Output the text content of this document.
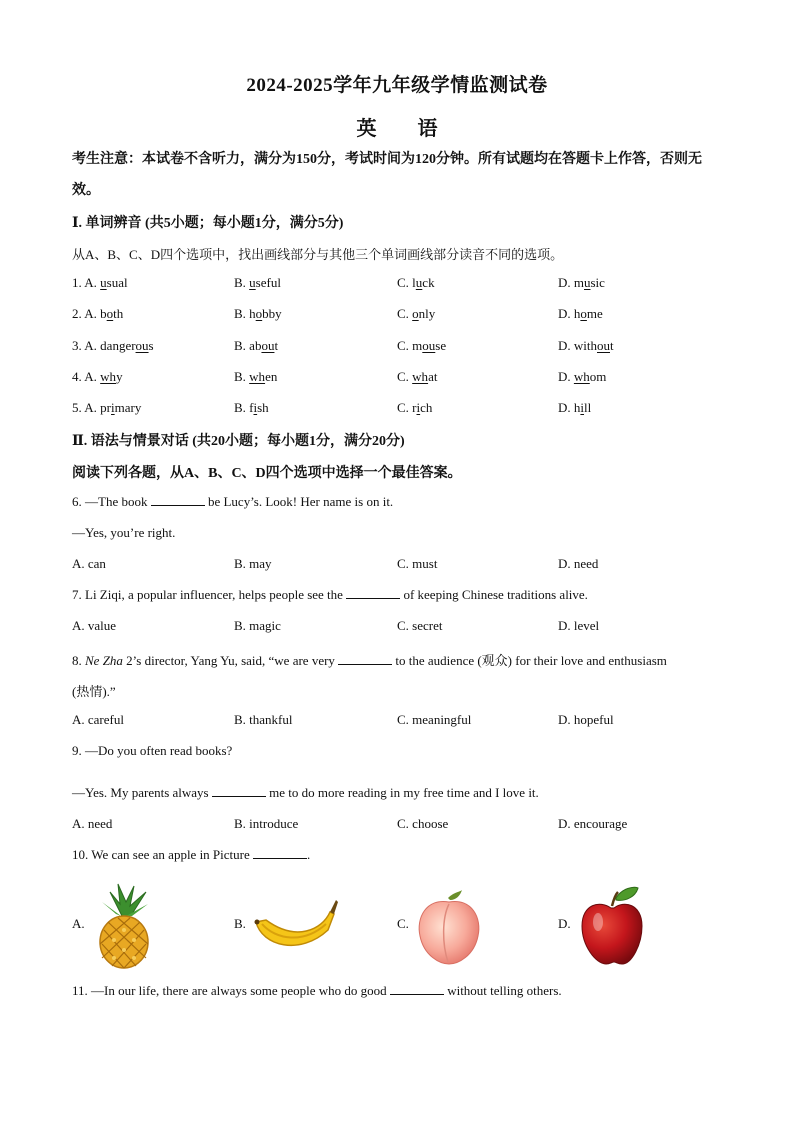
2024-2025学年九年级学情监测试卷
英 语
考生注意：本试卷不含听力，满分为150分，考试时间为120分钟。所有试题均在答题卡上作答，否则无效。
Ⅰ. 单词辨音 (共5小题；每小题1分，满分5分)
从A、B、C、D四个选项中，找出画线部分与其他三个单词画线部分读音不同的选项。
1. A. usual	B. useful	C. luck	D. music
2. A. both	B. hobby	C. only	D. home
3. A. dangerous	B. about	C. mouse	D. without
4. A. why	B. when	C. what	D. whom
5. A. primary	B. fish	C. rich	D. hill
Ⅱ. 语法与情景对话 (共20小题；每小题1分，满分20分)
阅读下列各题，从A、B、C、D四个选项中选择一个最佳答案。
6. —The book	be Lucy’s. Look! Her name is on it.
—Yes, you’re right.
A. can	B. may	C. must	D. need
7. Li Ziqi, a popular influencer, helps people see the	of keeping Chinese traditions alive.
A. value	B. magic	C. secret	D. level
8. Ne Zha 2’s director, Yang Yu, said, “we are very	to the audience (观众) for their love and enthusiasm
(热情).”
A. careful	B. thankful	C. meaningful	D. hopeful
9. —Do you often read books?
—Yes. My parents always	me to do more reading in my free time and I love it.
A. need	B. introduce	C. choose	D. encourage
10. We can see an apple in Picture	.
A.	B.	C.	D.
11. —In our life, there are always some people who do good	without telling others.
